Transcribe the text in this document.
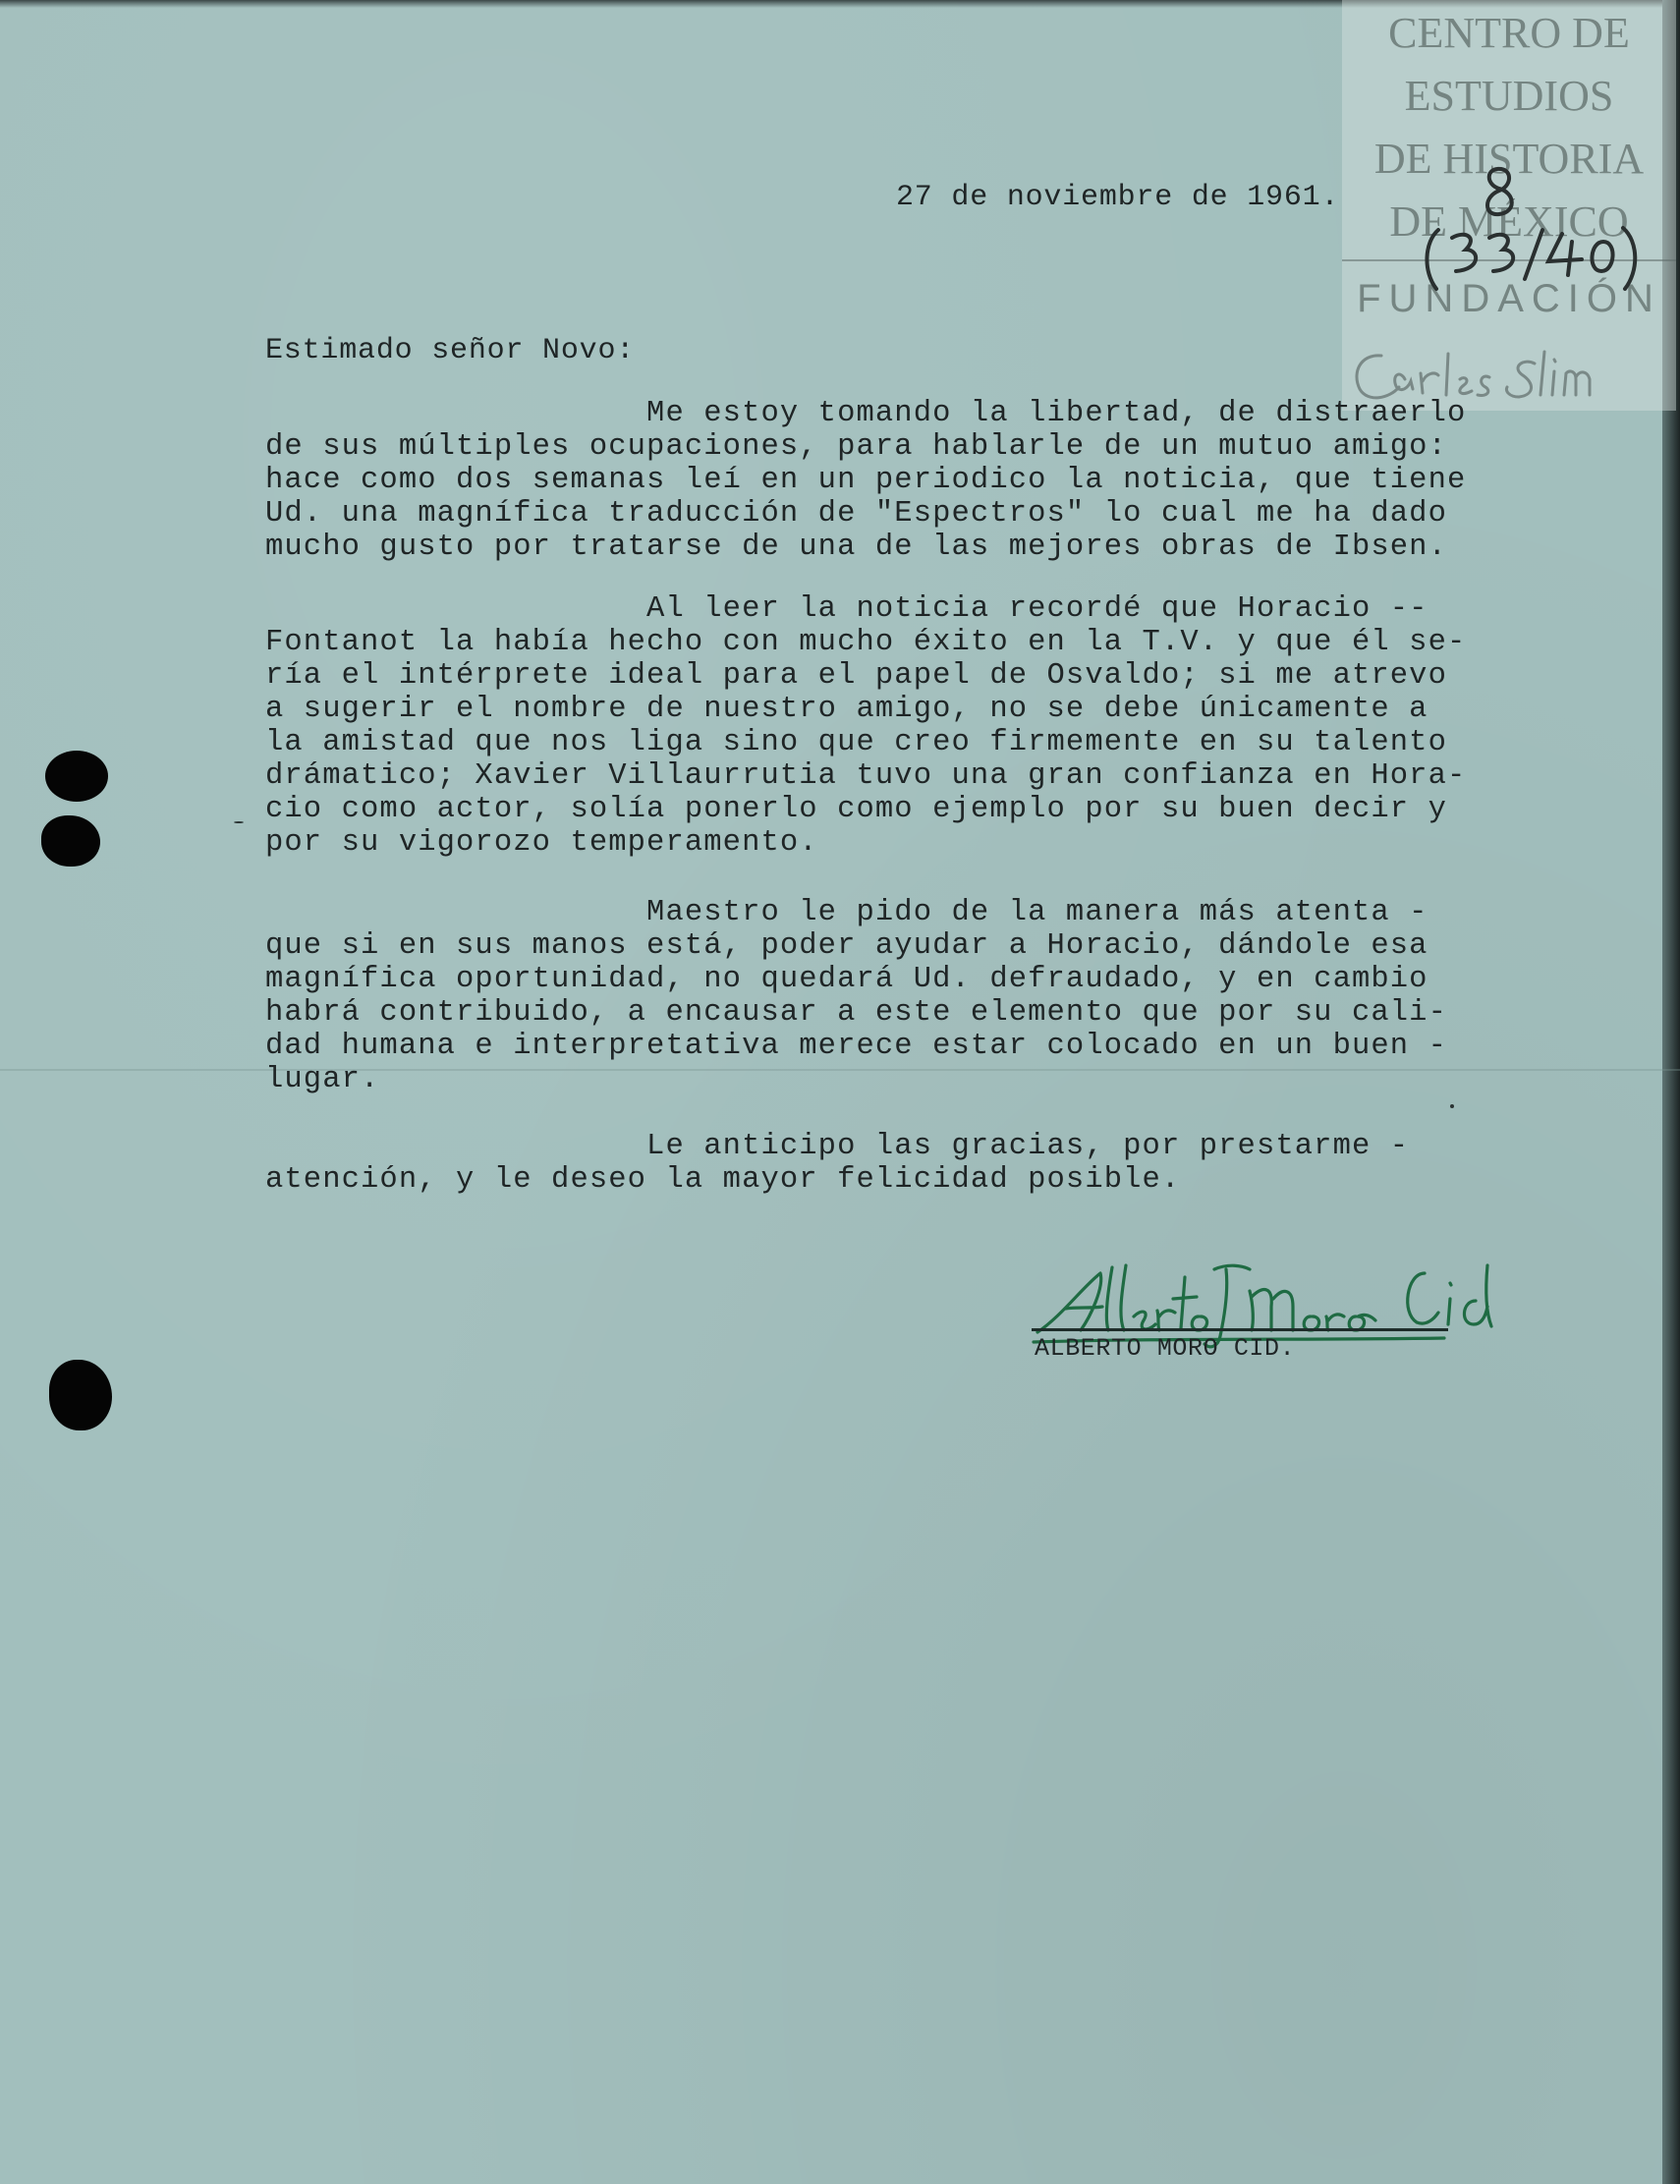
CENTRO DE

ESTUDIOS

DE HISTORIA

DE MÉXICO

FUNDACIÓN

27 de noviembre de 1961.

Estimado señor Novo:

Me estoy tomando la libertad, de distraerlo
de sus múltiples ocupaciones, para hablarle de un mutuo amigo:
hace como dos semanas leí en un periodico la noticia, que tiene
Ud. una magnífica traducción de "Espectros" lo cual me ha dado
mucho gusto por tratarse de una de las mejores obras de Ibsen.

Al leer la noticia recordé que Horacio --
Fontanot la había hecho con mucho éxito en la T.V. y que él se-
ría el intérprete ideal para el papel de Osvaldo; si me atrevo
a sugerir el nombre de nuestro amigo, no se debe únicamente a
la amistad que nos liga sino que creo firmemente en su talento
drámatico; Xavier Villaurrutia tuvo una gran confianza en Hora-
cio como actor, solía ponerlo como ejemplo por su buen decir y
por su vigorozo temperamento.

Maestro le pido de la manera más atenta -
que si en sus manos está, poder ayudar a Horacio, dándole esa
magnífica oportunidad, no quedará Ud. defraudado, y en cambio
habrá contribuido, a encausar a este elemento que por su cali-
dad humana e interpretativa merece estar colocado en un buen -
lugar.

Le anticipo las gracias, por prestarme -
atención, y le deseo la mayor felicidad posible.

ALBERTO MORO CID.
